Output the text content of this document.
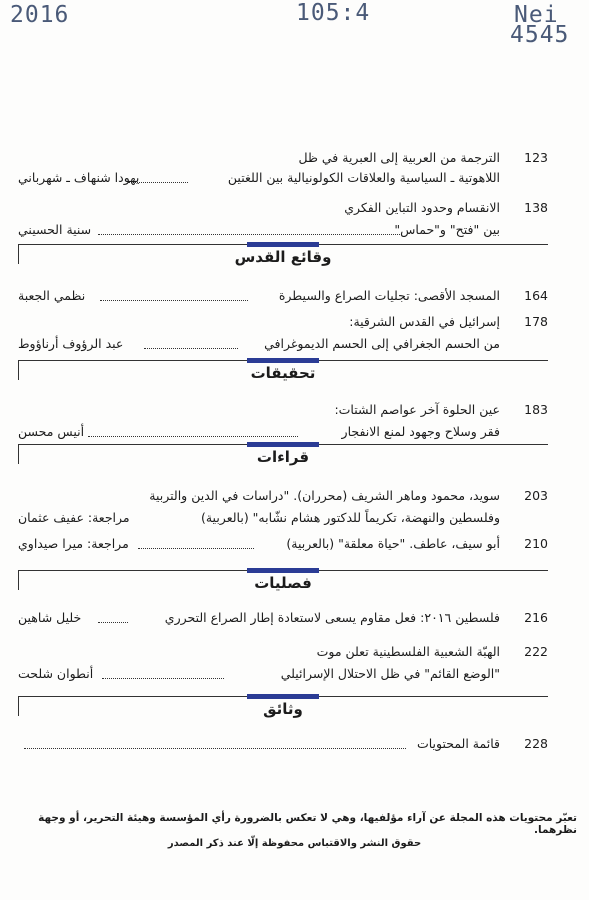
2016	105:4	Nei
4545
123
الترجمة من العربية إلى العبرية في ظل
اللاهوتية ـ السياسية والعلاقات الكولونيالية بين اللغتين
يهودا شنهاف ـ شهرباني
138
الانقسام وحدود التباين الفكري
بين "فتح" و"حماس"
سنية الحسيني
وقائع القدس
164
المسجد الأقصى: تجليات الصراع والسيطرة
نظمي الجعبة
178
إسرائيل في القدس الشرقية:
من الحسم الجغرافي إلى الحسم الديموغرافي
عبد الرؤوف أرناؤوط
تحقيقات
183
عين الحلوة آخر عواصم الشتات:
فقر وسلاح وجهود لمنع الانفجار
أنيس محسن
قراءات
203
سويد، محمود وماهر الشريف (محرران). "دراسات في الدين والتربية
وفلسطين والنهضة، تكريماً للدكتور هشام نشّابه" (بالعربية)
مراجعة: عفيف عثمان
210
أبو سيف، عاطف. "حياة معلقة" (بالعربية)
مراجعة: ميرا صيداوي
فصليات
216
فلسطين ٢٠١٦: فعل مقاوم يسعى لاستعادة إطار الصراع التحرري
خليل شاهين
222
الهبّة الشعبية الفلسطينية تعلن موت
"الوضع القائم" في ظل الاحتلال الإسرائيلي
أنطوان شلحت
وثائق
228
قائمة المحتويات
تعبّر محتويات هذه المجلة عن آراء مؤلفيها، وهي لا تعكس بالضرورة رأي المؤسسة وهيئة التحرير، أو وجهة نظرهما.
حقوق النشر والاقتباس محفوظة إلّا عند ذكر المصدر
